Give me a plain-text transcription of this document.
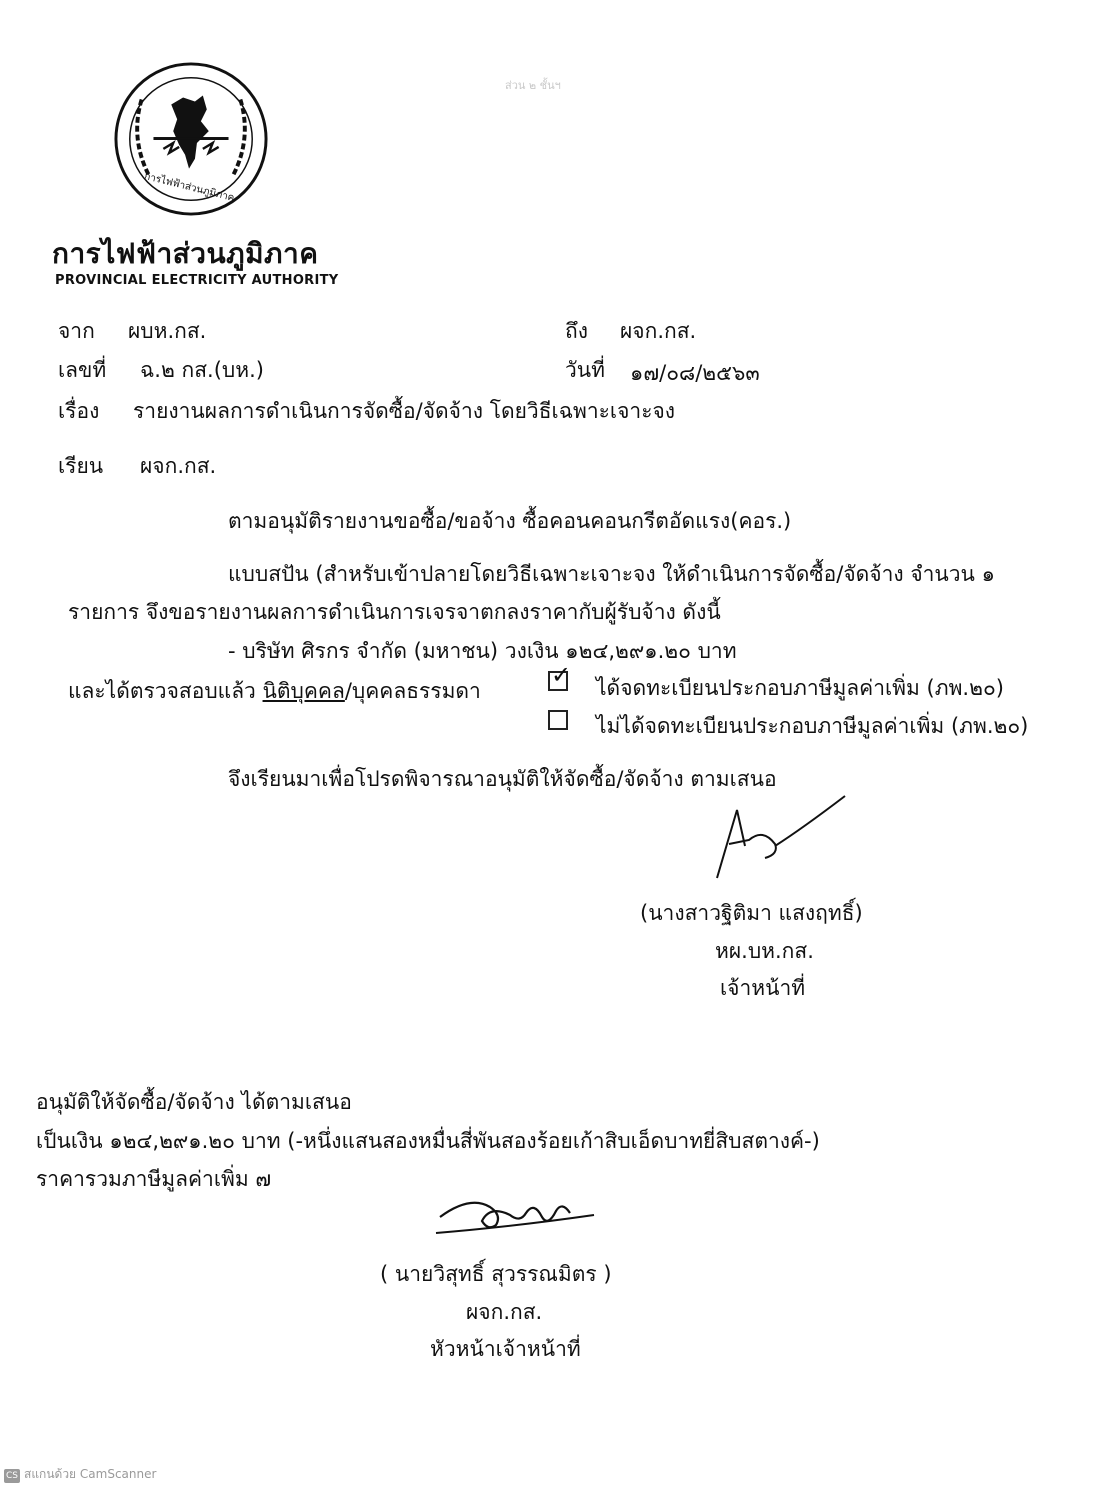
การไฟฟ้าส่วนภูมิภาค
การไฟฟ้าส่วนภูมิภาค
PROVINCIAL ELECTRICITY AUTHORITY
ส่วน ๒ ชั้นฯ
จาก ผบห.กส.	ถึง ผจก.กส.
เลขที่ ฉ.๒ กส.(บห.)	วันที่ ๑๗/๐๘/๒๕๖๓
เรื่อง รายงานผลการดำเนินการจัดซื้อ/จัดจ้าง โดยวิธีเฉพาะเจาะจง
เรียน ผจก.กส.
ตามอนุมัติรายงานขอซื้อ/ขอจ้าง ซื้อคอนคอนกรีตอัดแรง(คอร.)
แบบสปัน (สำหรับเข้าปลายโดยวิธีเฉพาะเจาะจง ให้ดำเนินการจัดซื้อ/จัดจ้าง จำนวน ๑
รายการ จึงขอรายงานผลการดำเนินการเจรจาตกลงราคากับผู้รับจ้าง ดังนี้
- บริษัท ศิรกร จำกัด (มหาชน) วงเงิน ๑๒๔,๒๙๑.๒๐ บาท
และได้ตรวจสอบแล้ว นิติบุคคล/บุคคลธรรมดา
✓ ได้จดทะเบียนประกอบภาษีมูลค่าเพิ่ม (ภพ.๒๐)
ไม่ได้จดทะเบียนประกอบภาษีมูลค่าเพิ่ม (ภพ.๒๐)
จึงเรียนมาเพื่อโปรดพิจารณาอนุมัติให้จัดซื้อ/จัดจ้าง ตามเสนอ
(นางสาวฐิติมา แสงฤทธิ์)
หผ.บห.กส.
เจ้าหน้าที่
อนุมัติให้จัดซื้อ/จัดจ้าง ได้ตามเสนอ
เป็นเงิน ๑๒๔,๒๙๑.๒๐ บาท (-หนึ่งแสนสองหมื่นสี่พันสองร้อยเก้าสิบเอ็ดบาทยี่สิบสตางค์-)
ราคารวมภาษีมูลค่าเพิ่ม ๗
( นายวิสุทธิ์ สุวรรณมิตร )
ผจก.กส.
หัวหน้าเจ้าหน้าที่
CS สแกนด้วย CamScanner
